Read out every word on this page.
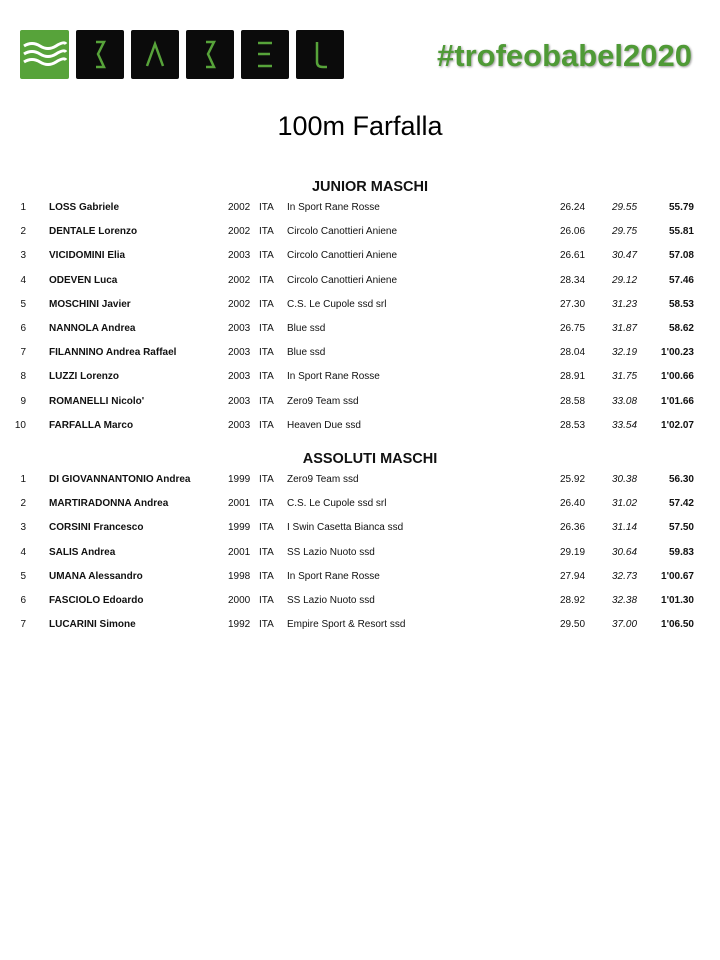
#trofeobabel2020
100m Farfalla
JUNIOR MASCHI
1 LOSS Gabriele	2002 ITA In Sport Rane Rosse	26.24	29.55	55.79
2 DENTALE Lorenzo	2002 ITA Circolo Canottieri Aniene	26.06	29.75	55.81
3 VICIDOMINI Elia	2003 ITA Circolo Canottieri Aniene	26.61	30.47	57.08
4 ODEVEN Luca	2002 ITA Circolo Canottieri Aniene	28.34	29.12	57.46
5 MOSCHINI Javier	2002 ITA C.S. Le Cupole ssd srl	27.30	31.23	58.53
6 NANNOLA Andrea	2003 ITA Blue ssd	26.75	31.87	58.62
7 FILANNINO Andrea Raffael	2003 ITA Blue ssd	28.04	32.19	1'00.23
8 LUZZI Lorenzo	2003 ITA In Sport Rane Rosse	28.91	31.75	1'00.66
9 ROMANELLI Nicolo'	2003 ITA Zero9 Team ssd	28.58	33.08	1'01.66
10 FARFALLA Marco	2003 ITA Heaven Due ssd	28.53	33.54	1'02.07
ASSOLUTI MASCHI
1 DI GIOVANNANTONIO Andrea	1999 ITA Zero9 Team ssd	25.92	30.38	56.30
2 MARTIRADONNA Andrea	2001 ITA C.S. Le Cupole ssd srl	26.40	31.02	57.42
3 CORSINI Francesco	1999 ITA I Swin Casetta Bianca ssd	26.36	31.14	57.50
4 SALIS Andrea	2001 ITA SS Lazio Nuoto ssd	29.19	30.64	59.83
5 UMANA Alessandro	1998 ITA In Sport Rane Rosse	27.94	32.73	1'00.67
6 FASCIOLO Edoardo	2000 ITA SS Lazio Nuoto ssd	28.92	32.38	1'01.30
7 LUCARINI Simone	1992 ITA Empire Sport & Resort ssd	29.50	37.00	1'06.50
